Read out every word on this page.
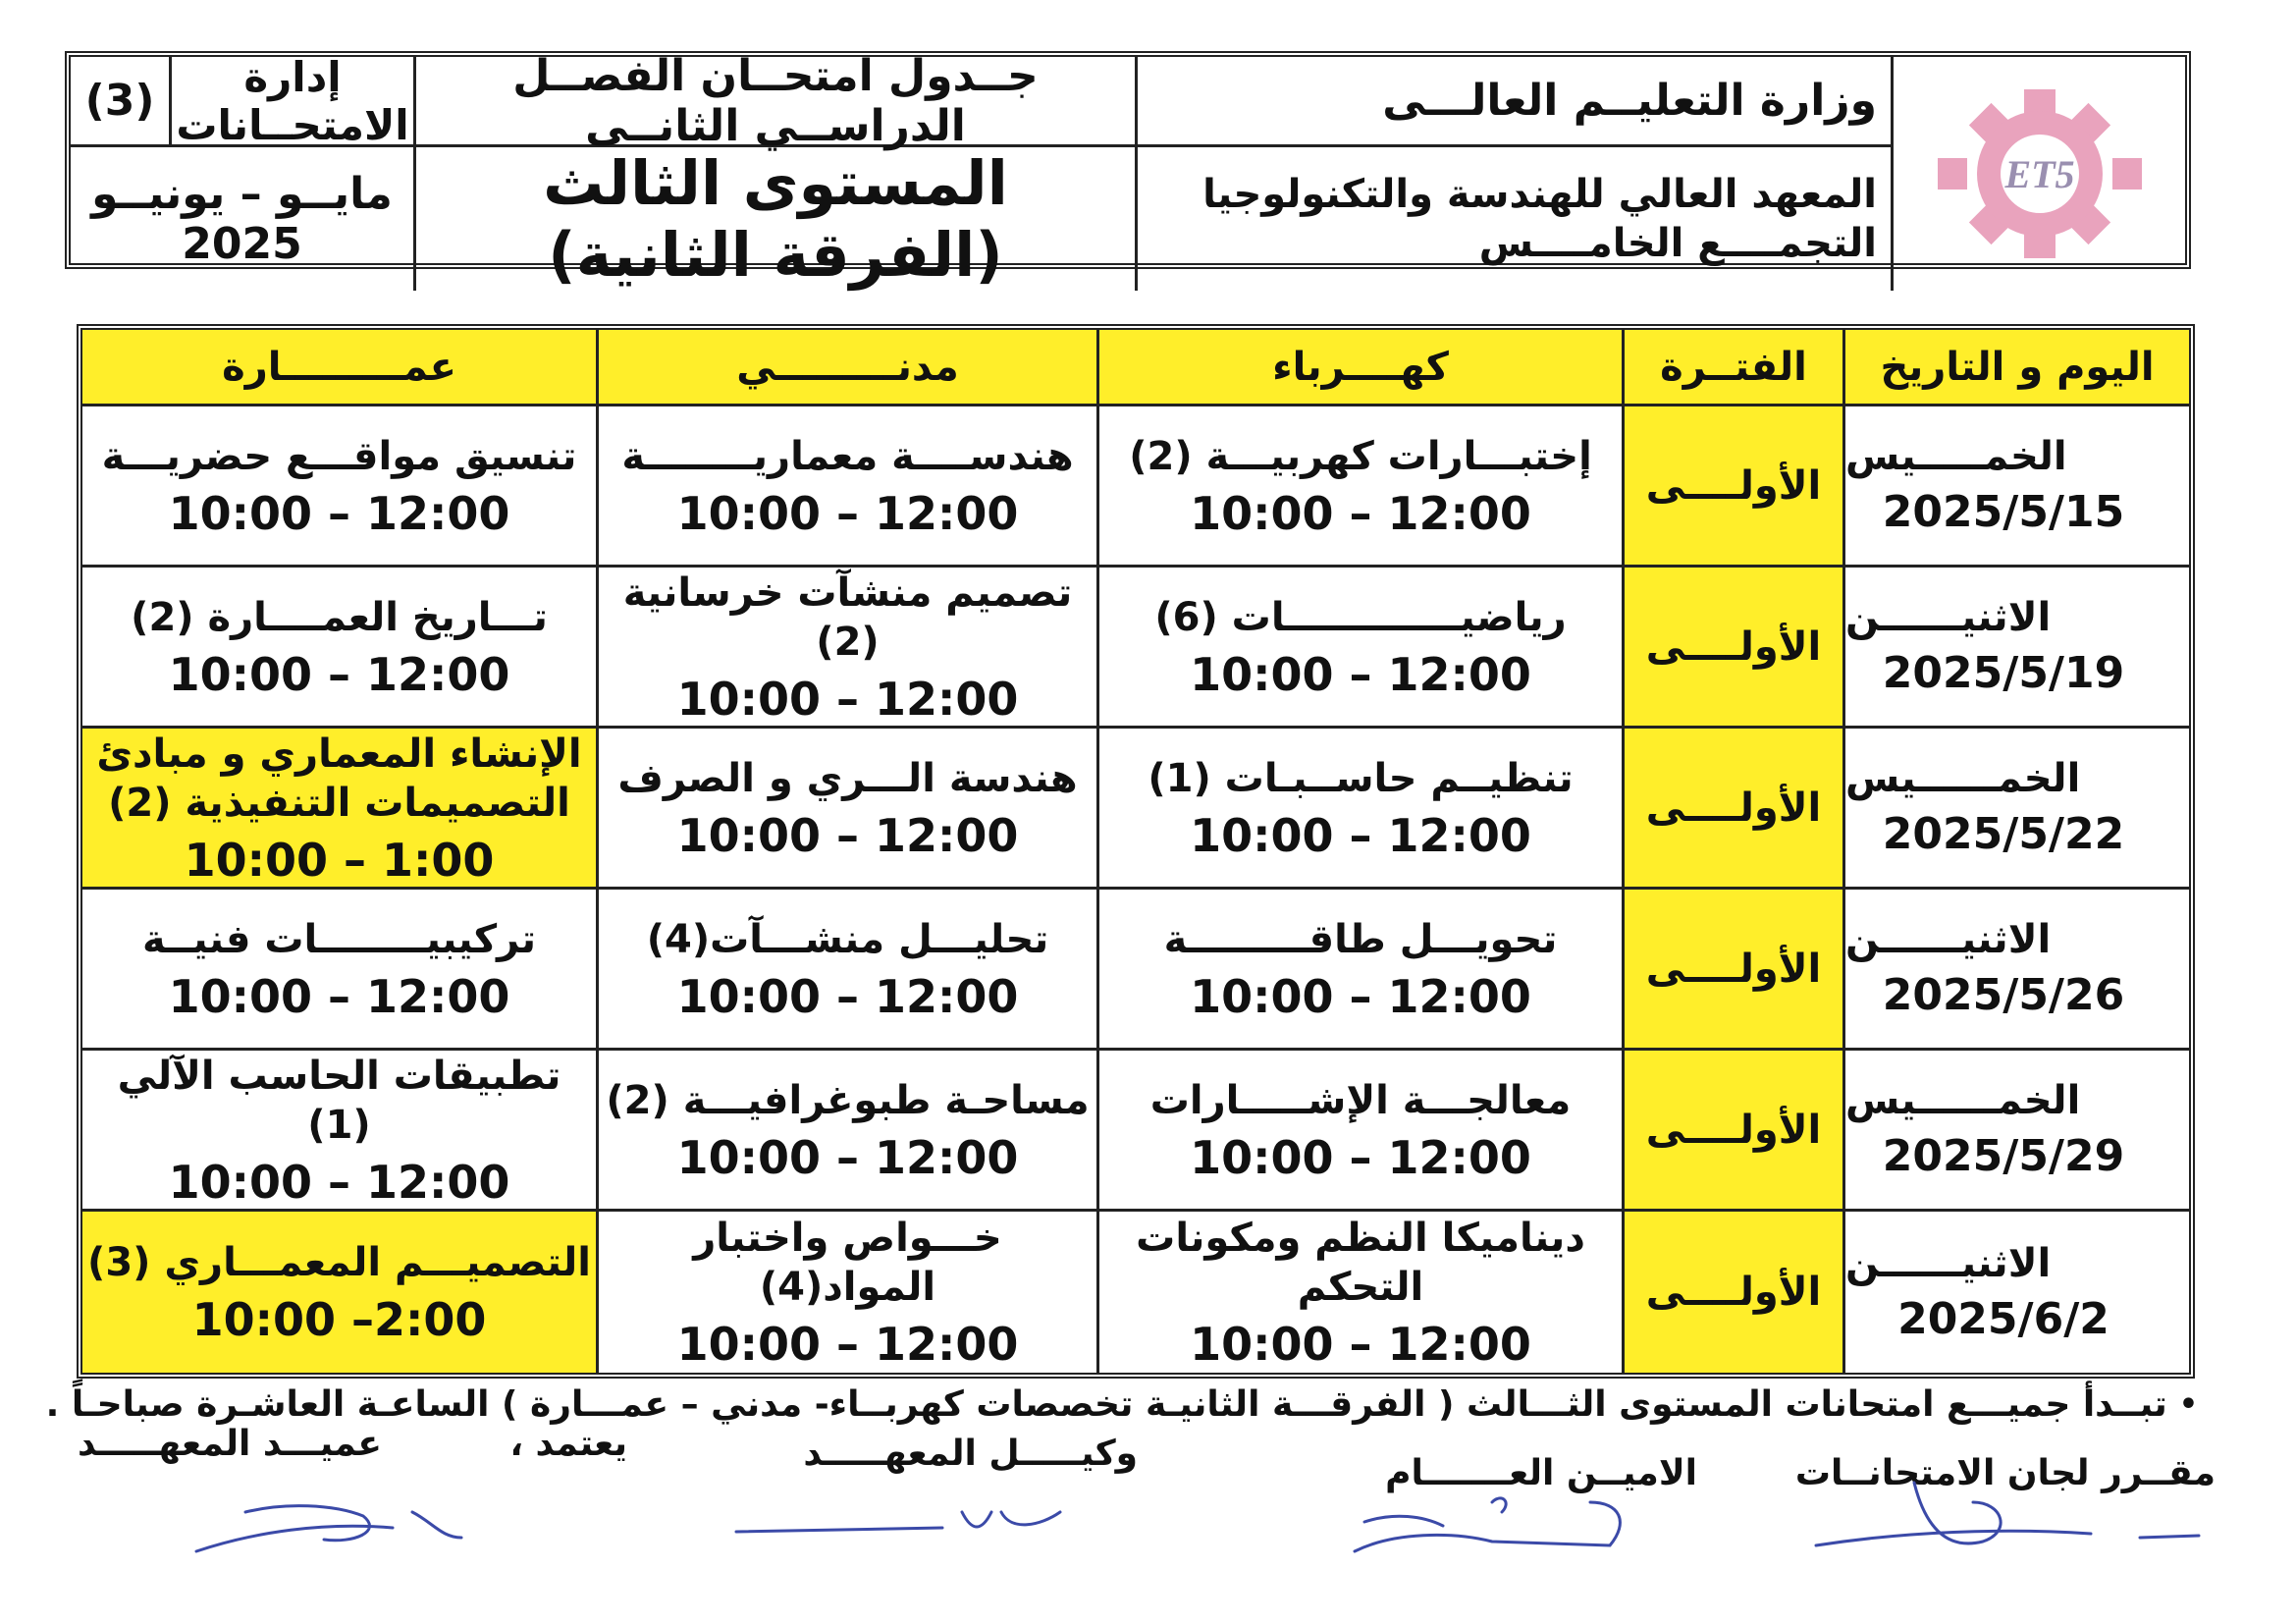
ET5
وزارة التعليــم العالـــى
جــدول امتحــان الفصــل الدراســي الثانــى
إدارة الامتحــانات
(3)
المعهد العالي للهندسة والتكنولوجيا
التجمــــع الخامــــس
المستوى الثالث (الفرقة الثانية)
مايــو – يونيــو 2025
اليوم و التاريخ
الفتــرة
كهــــرباء
مدنـــــــــي
عمـــــــــارة
الخمـــــيس
2025/5/15
الأولــــى
إختبـــارات كهربيـــة (2)
10:00 – 12:00
هندســــة معماريــــــــة
10:00 – 12:00
تنسيق مواقـــع حضريـــة
10:00 – 12:00
الاثنيــــــن
2025/5/19
الأولــــى
رياضيـــــــــــــات (6)
10:00 – 12:00
تصميم منشآت خرسانية (2)
10:00 – 12:00
تـــاريخ العمــــارة (2)
10:00 – 12:00
الخمــــــيس
2025/5/22
الأولــــى
تنظيــم حاســبـات (1)
10:00 – 12:00
هندسة الـــري و الصرف
10:00 – 12:00
الإنشاء المعماري و مبادئ التصميمات التنفيذية (2)
10:00 – 1:00
الاثنيــــــن
2025/5/26
الأولــــى
تحويـــل طاقـــــــــة
10:00 – 12:00
تحليـــل منشـــآت(4)
10:00 – 12:00
تركيبيــــــــات فنيــة
10:00 – 12:00
الخمــــــيس
2025/5/29
الأولــــى
معالجـــة الإشـــــارات
10:00 – 12:00
مساحـة طبوغرافيـــة (2)
10:00 – 12:00
تطبيقات الحاسب الآلي (1)
10:00 – 12:00
الاثنيــــــن
2025/6/2
الأولــــى
ديناميكا النظم ومكونات التحكم
10:00 – 12:00
خـــواص واختبار المواد(4)
10:00 – 12:00
التصميـــم المعمـــاري (3)
10:00 –2:00
•
تبــدأ جميـــع امتحانات المستوى الثـــالث ( الفرقـــة الثانيـة تخصصات كهربــاء- مدني – عمـــارة ) الساعـة العاشـرة صباحـاً .
مقــرر لجان الامتحانــات
الاميــن العـــــــام
وكيـــــل المعهـــــد
يعتمد ،
عميـــد المعهـــــد
